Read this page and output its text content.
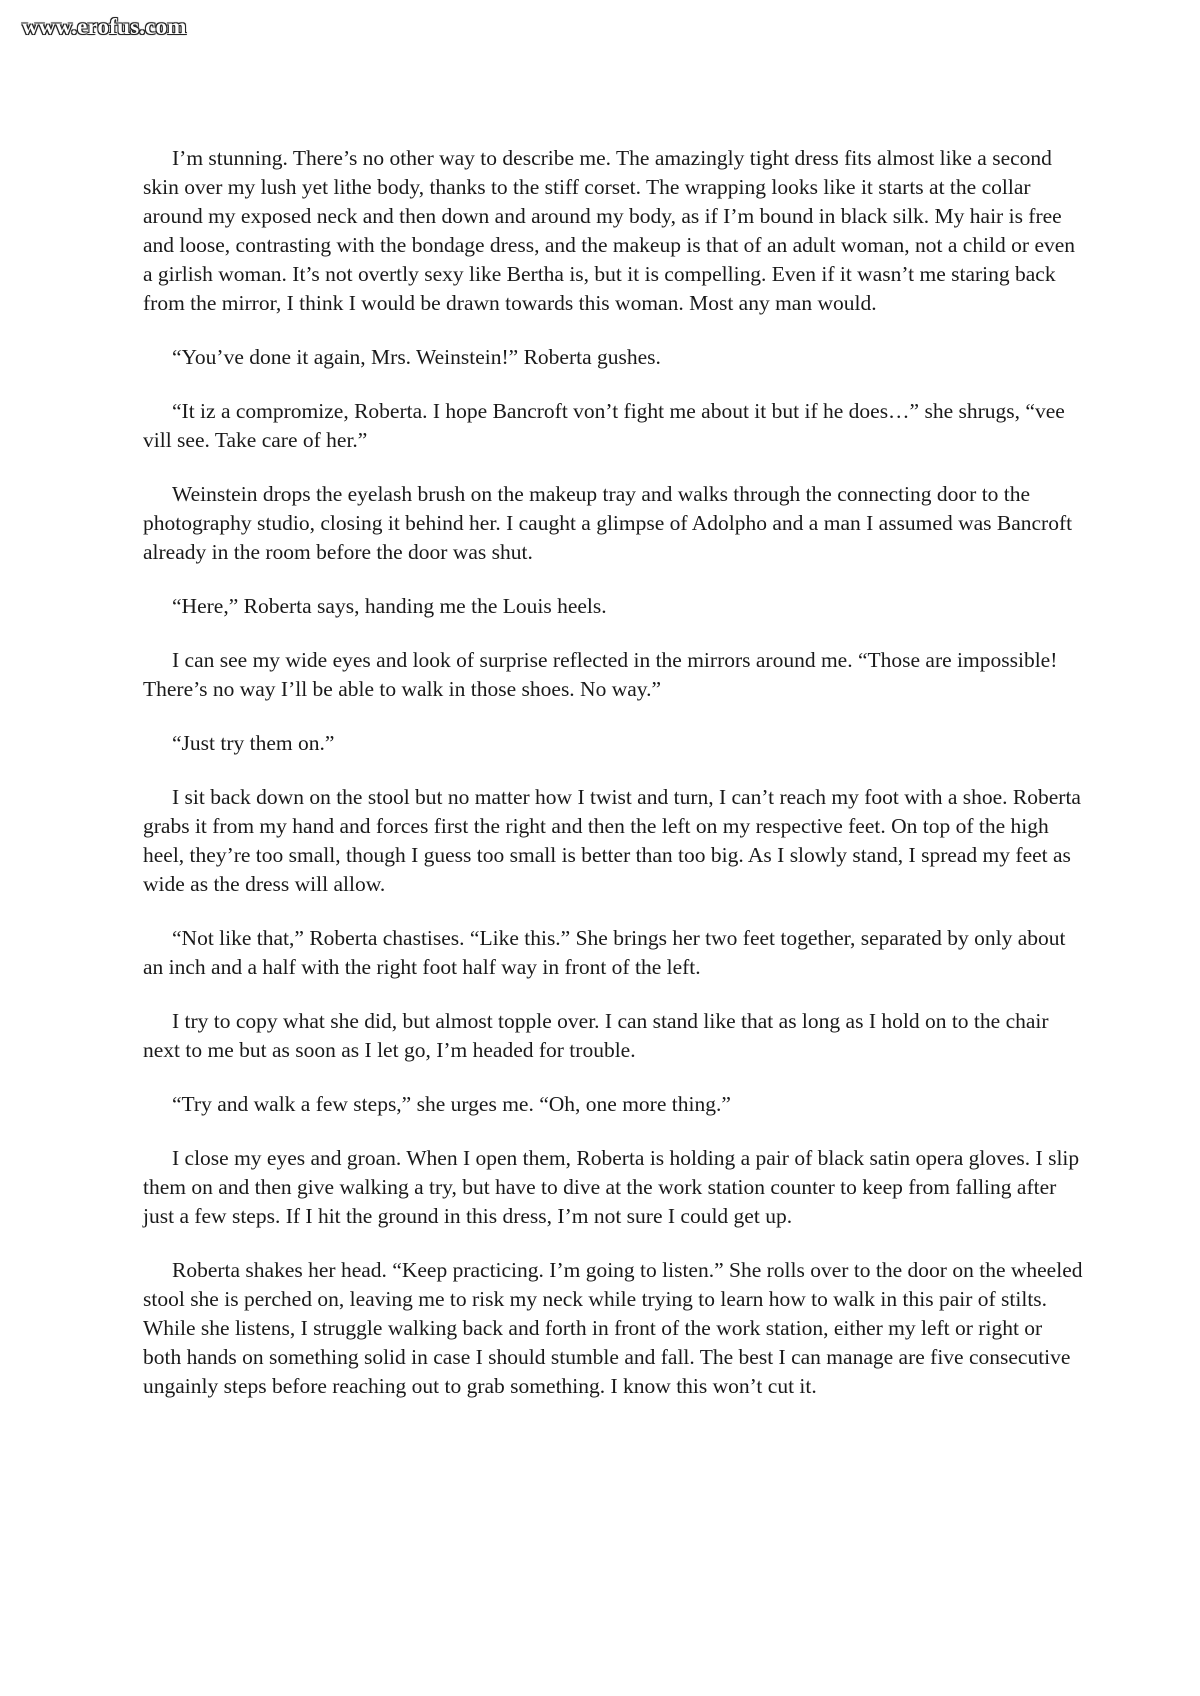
www.erofus.com

I’m stunning. There’s no other way to describe me. The amazingly tight dress fits almost like a second skin over my lush yet lithe body, thanks to the stiff corset. The wrapping looks like it starts at the collar around my exposed neck and then down and around my body, as if I’m bound in black silk. My hair is free and loose, contrasting with the bondage dress, and the makeup is that of an adult woman, not a child or even a girlish woman. It’s not overtly sexy like Bertha is, but it is compelling. Even if it wasn’t me staring back from the mirror, I think I would be drawn towards this woman. Most any man would.

“You’ve done it again, Mrs. Weinstein!” Roberta gushes.

“It iz a compromize, Roberta. I hope Bancroft von’t fight me about it but if he does…” she shrugs, “vee vill see. Take care of her.”

Weinstein drops the eyelash brush on the makeup tray and walks through the connecting door to the photography studio, closing it behind her. I caught a glimpse of Adolpho and a man I assumed was Bancroft already in the room before the door was shut.

“Here,” Roberta says, handing me the Louis heels.

I can see my wide eyes and look of surprise reflected in the mirrors around me. “Those are impossible! There’s no way I’ll be able to walk in those shoes. No way.”

“Just try them on.”

I sit back down on the stool but no matter how I twist and turn, I can’t reach my foot with a shoe. Roberta grabs it from my hand and forces first the right and then the left on my respective feet. On top of the high heel, they’re too small, though I guess too small is better than too big. As I slowly stand, I spread my feet as wide as the dress will allow.

“Not like that,” Roberta chastises. “Like this.” She brings her two feet together, separated by only about an inch and a half with the right foot half way in front of the left.

I try to copy what she did, but almost topple over. I can stand like that as long as I hold on to the chair next to me but as soon as I let go, I’m headed for trouble.

“Try and walk a few steps,” she urges me. “Oh, one more thing.”

I close my eyes and groan. When I open them, Roberta is holding a pair of black satin opera gloves. I slip them on and then give walking a try, but have to dive at the work station counter to keep from falling after just a few steps. If I hit the ground in this dress, I’m not sure I could get up.

Roberta shakes her head. “Keep practicing. I’m going to listen.” She rolls over to the door on the wheeled stool she is perched on, leaving me to risk my neck while trying to learn how to walk in this pair of stilts. While she listens, I struggle walking back and forth in front of the work station, either my left or right or both hands on something solid in case I should stumble and fall. The best I can manage are five consecutive ungainly steps before reaching out to grab something. I know this won’t cut it.
